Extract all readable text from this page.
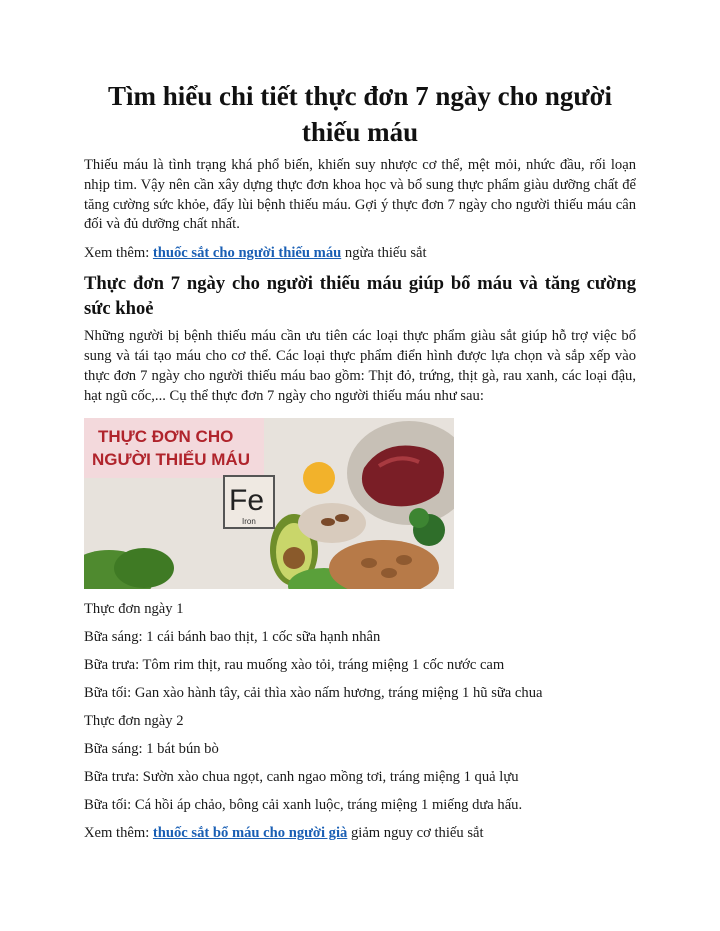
Tìm hiểu chi tiết thực đơn 7 ngày cho người thiếu máu

Thiếu máu là tình trạng khá phổ biến, khiến suy nhược cơ thể, mệt mỏi, nhức đầu, rối loạn nhịp tim. Vậy nên cần xây dựng thực đơn khoa học và bổ sung thực phẩm giàu dưỡng chất để tăng cường sức khỏe, đẩy lùi bệnh thiếu máu. Gợi ý thực đơn 7 ngày cho người thiếu máu cân đối và đủ dưỡng chất nhất.

Xem thêm: thuốc sắt cho người thiếu máu ngừa thiếu sắt

Thực đơn 7 ngày cho người thiếu máu giúp bổ máu và tăng cường sức khoẻ

Những người bị bệnh thiếu máu cần ưu tiên các loại thực phẩm giàu sắt giúp hỗ trợ việc bổ sung và tái tạo máu cho cơ thể. Các loại thực phẩm điển hình được lựa chọn và sắp xếp vào thực đơn 7 ngày cho người thiếu máu bao gồm: Thịt đỏ, trứng, thịt gà, rau xanh, các loại đậu, hạt ngũ cốc,... Cụ thể thực đơn 7 ngày cho người thiếu máu như sau:

THỰC ĐƠN CHO
NGƯỜI THIẾU MÁU
Fe
Iron

Thực đơn ngày 1

Bữa sáng: 1 cái bánh bao thịt, 1 cốc sữa hạnh nhân

Bữa trưa: Tôm rim thịt, rau muống xào tỏi, tráng miệng 1 cốc nước cam

Bữa tối: Gan xào hành tây, cải thìa xào nấm hương, tráng miệng 1 hũ sữa chua

Thực đơn ngày 2

Bữa sáng: 1 bát bún bò

Bữa trưa: Sườn xào chua ngọt, canh ngao mồng tơi, tráng miệng 1 quả lựu

Bữa tối: Cá hồi áp chảo, bông cải xanh luộc, tráng miệng 1 miếng dưa hấu.

Xem thêm: thuốc sắt bổ máu cho người già giảm nguy cơ thiếu sắt
